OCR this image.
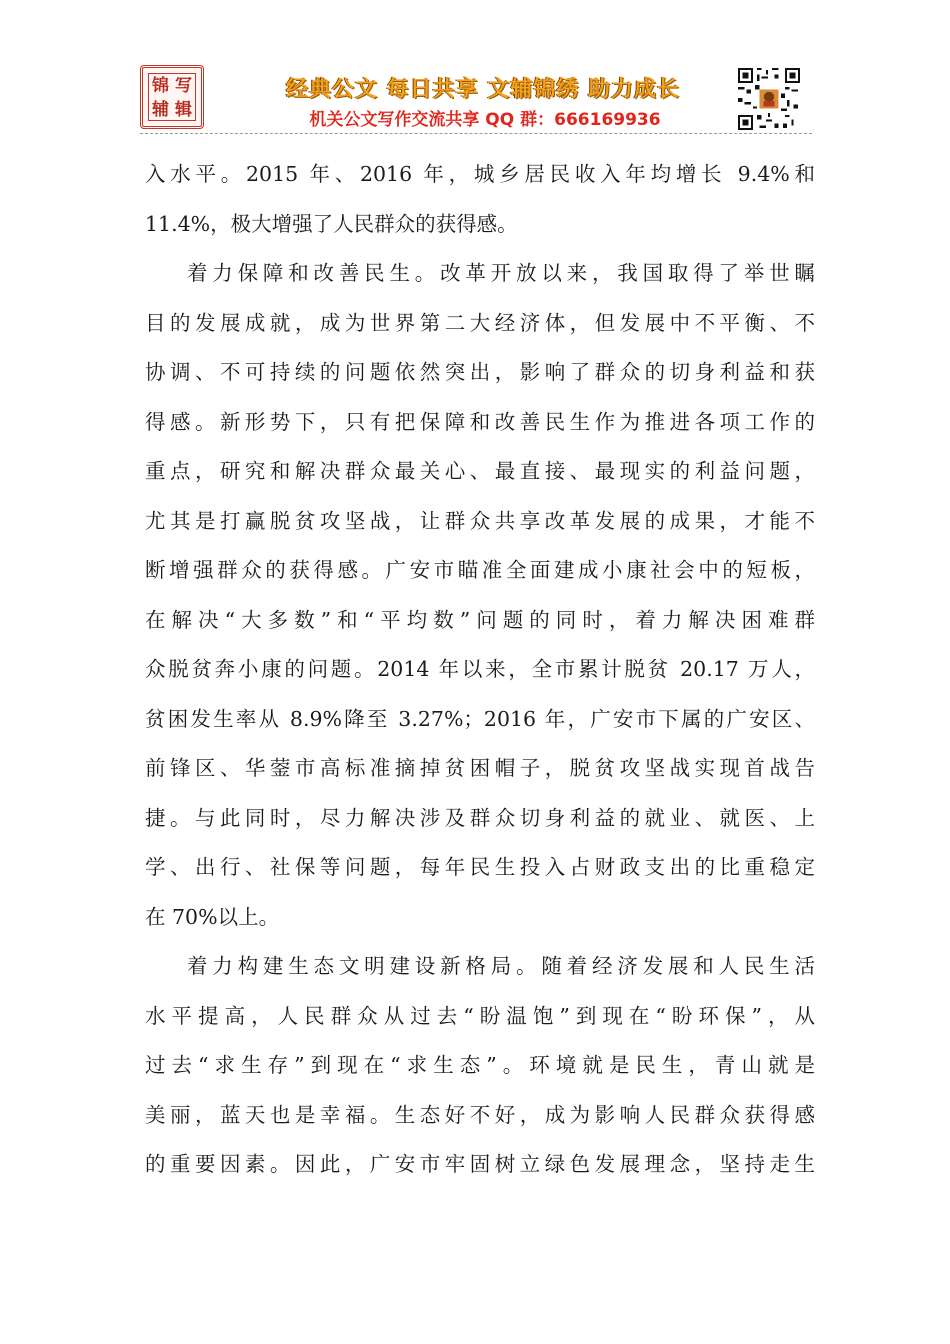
锦 写
辅 辑
经典公文 每日共享 文辅锦绣 助力成长
机关公文写作交流共享 QQ 群：666169936
入水平。2015 年、2016 年，城乡居民收入年均增长 9.4%和
11.4%，极大增强了人民群众的获得感。
着力保障和改善民生。改革开放以来，我国取得了举世瞩
目的发展成就，成为世界第二大经济体，但发展中不平衡、不
协调、不可持续的问题依然突出，影响了群众的切身利益和获
得感。新形势下，只有把保障和改善民生作为推进各项工作的
重点，研究和解决群众最关心、最直接、最现实的利益问题，
尤其是打赢脱贫攻坚战，让群众共享改革发展的成果，才能不
断增强群众的获得感。广安市瞄准全面建成小康社会中的短板，
在解决“大多数”和“平均数”问题的同时，着力解决困难群
众脱贫奔小康的问题。2014 年以来，全市累计脱贫 20.17 万人，
贫困发生率从 8.9%降至 3.27%；2016 年，广安市下属的广安区、
前锋区、华蓥市高标准摘掉贫困帽子，脱贫攻坚战实现首战告
捷。与此同时，尽力解决涉及群众切身利益的就业、就医、上
学、出行、社保等问题，每年民生投入占财政支出的比重稳定
在 70%以上。
着力构建生态文明建设新格局。随着经济发展和人民生活
水平提高，人民群众从过去“盼温饱”到现在“盼环保”，从
过去“求生存”到现在“求生态”。环境就是民生，青山就是
美丽，蓝天也是幸福。生态好不好，成为影响人民群众获得感
的重要因素。因此，广安市牢固树立绿色发展理念，坚持走生
